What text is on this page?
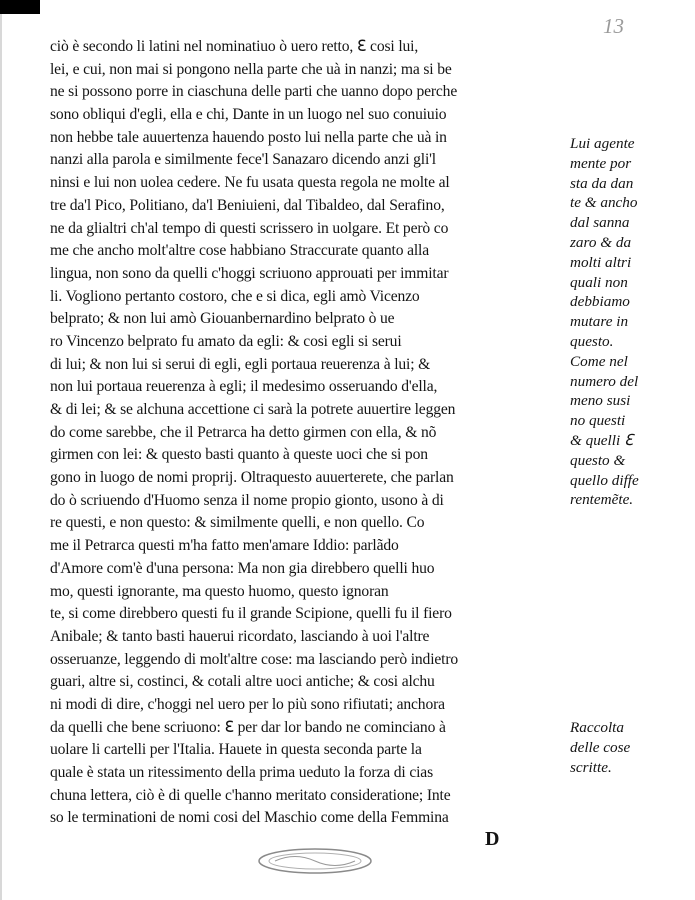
13
ciò è secondo li latini nel nominatiuo ò uero retto, ℇ cosi lui,
lei, e cui, non mai si pongono nella parte che uà in nanzi; ma si be
ne si possono porre in ciaschuna delle parti che uanno dopo perche
sono obliqui d'egli, ella e chi, Dante in un luogo nel suo conuiuio
non hebbe tale auuertenza hauendo posto lui nella parte che uà in
nanzi alla parola e similmente fece'l Sanazaro dicendo anzi gli'l
ninsi e lui non uolea cedere. Ne fu usata questa regola ne molte al
tre da'l Pico, Politiano, da'l Beniuieni, dal Tibaldeo, dal Serafino,
ne da glialtri ch'al tempo di questi scrissero in uolgare. Et però co
me che ancho molt'altre cose habbiano Straccurate quanto alla
lingua, non sono da quelli c'hoggi scriuono approuati per immitar
li. Vogliono pertanto costoro, che e si dica, egli amò Vicenzo
belprato; & non lui amò Giouanbernardino belprato ò ue
ro Vincenzo belprato fu amato da egli: & cosi egli si serui
di lui; & non lui si serui di egli, egli portaua reuerenza à lui; &
non lui portaua reuerenza à egli; il medesimo osseruando d'ella,
& di lei; & se alchuna accettione ci sarà la potrete auuertire leggen
do come sarebbe, che il Petrarca ha detto girmen con ella, & nõ
girmen con lei: & questo basti quanto à queste uoci che si pon
gono in luogo de nomi proprij. Oltraquesto auuerterete, che parlan
do ò scriuendo d'Huomo senza il nome propio gionto, usono à di
re questi, e non questo: & similmente quelli, e non quello. Co
me il Petrarca questi m'ha fatto men'amare Iddio: parlãdo
d'Amore com'è d'una persona: Ma non gia direbbero quelli huo
mo, questi ignorante, ma questo huomo, questo ignoran
te, si come direbbero questi fu il grande Scipione, quelli fu il fiero
Anibale; & tanto basti hauerui ricordato, lasciando à uoi l'altre
osseruanze, leggendo di molt'altre cose: ma lasciando però indietro
guari, altre si, costinci, & cotali altre uoci antiche; & cosi alchu
ni modi di dire, c'hoggi nel uero per lo più sono rifiutati; anchora
da quelli che bene scriuono: ℇ per dar lor bando ne cominciano à
uolare li cartelli per l'Italia. Hauete in questa seconda parte la
quale è stata un ritessimento della prima ueduto la forza di cias
chuna lettera, ciò è di quelle c'hanno meritato consideratione; Inte
so le terminationi de nomi cosi del Maschio come della Femmina
Lui agente
mente por
sta da dan
te & ancho
dal sanna
zaro & da
molti altri
quali non
debbiamo
mutare in
questo.
Come nel
numero del
meno susi
no questi
& quelli ℇ
questo &
quello diffe
rentemẽte.
Raccolta
delle cose
scritte.
D
